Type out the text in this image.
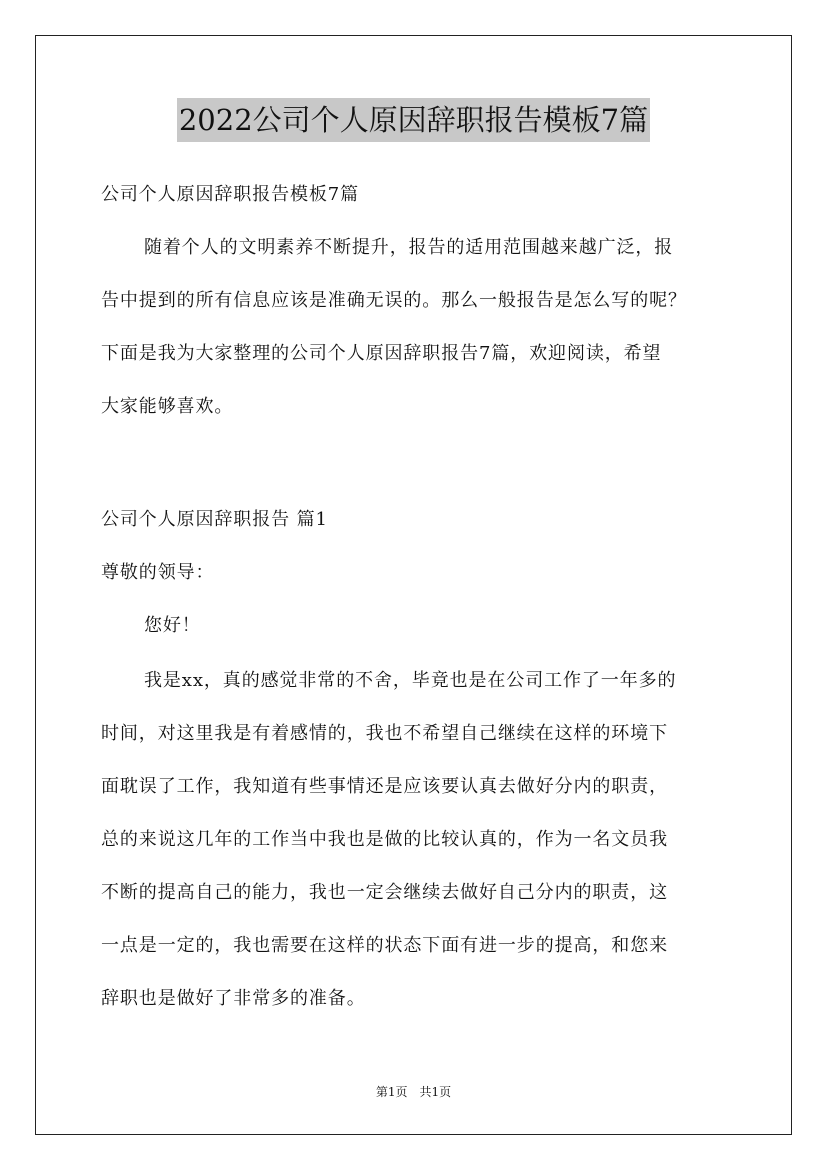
2022公司个人原因辞职报告模板7篇

公司个人原因辞职报告模板7篇

随着个人的文明素养不断提升，报告的适用范围越来越广泛，报

告中提到的所有信息应该是准确无误的。那么一般报告是怎么写的呢？

下面是我为大家整理的公司个人原因辞职报告7篇，欢迎阅读，希望

大家能够喜欢。

公司个人原因辞职报告 篇1

尊敬的领导：

您好！

我是xx，真的感觉非常的不舍，毕竟也是在公司工作了一年多的

时间，对这里我是有着感情的，我也不希望自己继续在这样的环境下

面耽误了工作，我知道有些事情还是应该要认真去做好分内的职责，

总的来说这几年的工作当中我也是做的比较认真的，作为一名文员我

不断的提高自己的能力，我也一定会继续去做好自己分内的职责，这

一点是一定的，我也需要在这样的状态下面有进一步的提高，和您来

辞职也是做好了非常多的准备。

第1页　共1页
